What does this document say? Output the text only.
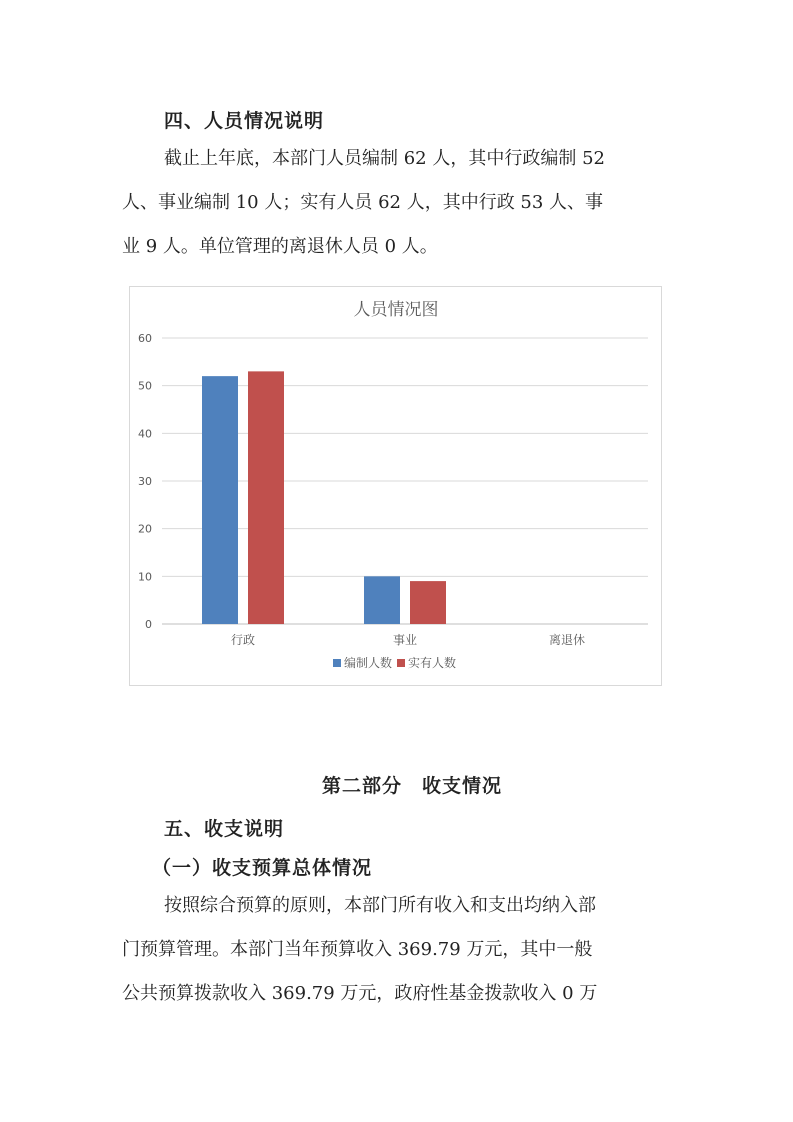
四、人员情况说明

截止上年底，本部门人员编制 62 人，其中行政编制 52
人、事业编制 10 人；实有人员 62 人，其中行政 53 人、事
业 9 人。单位管理的离退休人员 0 人。

人员情况图
0
10
20
30
40
50
60
行政	事业	离退休
编制人数 实有人数
第二部分　收支情况
五、收支说明
（一）收支预算总体情况

按照综合预算的原则，本部门所有收入和支出均纳入部
门预算管理。本部门当年预算收入 369.79 万元，其中一般
公共预算拨款收入 369.79 万元，政府性基金拨款收入 0 万
